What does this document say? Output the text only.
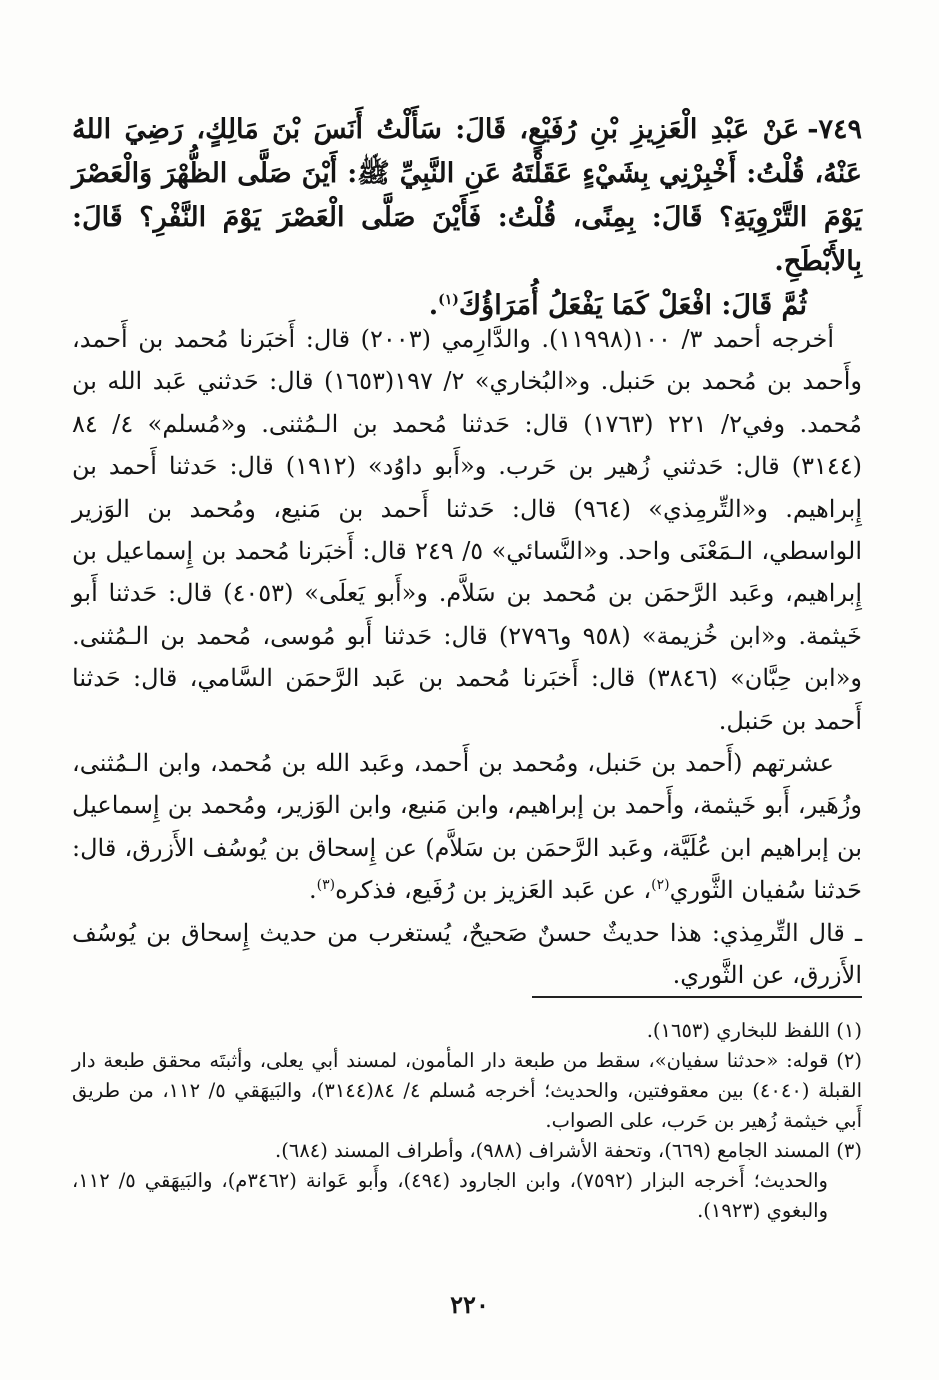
٧٤٩-عَنْ عَبْدِ الْعَزِيزِ بْنِ رُفَيْعٍ، قَالَ: سَأَلْتُ أَنَسَ بْنَ مَالِكٍ، رَضِيَ اللهُ عَنْهُ، قُلْتُ: أَخْبِرْنِي بِشَيْءٍ عَقَلْتَهُ عَنِ النَّبِيِّ ﷺ: أَيْنَ صَلَّى الظُّهْرَ وَالْعَصْرَ يَوْمَ التَّرْوِيَةِ؟ قَالَ: بِمِنًى، قُلْتُ: فَأَيْنَ صَلَّى الْعَصْرَ يَوْمَ النَّفْرِ؟ قَالَ: بِالأَبْطَحِ.

ثُمَّ قَالَ: افْعَلْ كَمَا يَفْعَلُ أُمَرَاؤُكَ$^{(١)}$.

أخرجه أحمد ٣/ ١٠٠(١١٩٩٨). والدَّارِمي (٢٠٠٣) قال: أَخبَرنا مُحمد بن أَحمد، وأَحمد بن مُحمد بن حَنبل. و«البُخاري» ٢/ ١٩٧(١٦٥٣) قال: حَدثني عَبد الله بن مُحمد. وفي٢/ ٢٢١ (١٧٦٣) قال: حَدثنا مُحمد بن الـمُثنى. و«مُسلم» ٤/ ٨٤ (٣١٤٤) قال: حَدثني زُهير بن حَرب. و«أَبو داوُد» (١٩١٢) قال: حَدثنا أَحمد بن إِبراهيم. و«التِّرمِذي» (٩٦٤) قال: حَدثنا أَحمد بن مَنيع، ومُحمد بن الوَزير الواسطي، الـمَعْنَى واحد. و«النَّسائي» ٥/ ٢٤٩ قال: أَخبَرنا مُحمد بن إِسماعيل بن إِبراهيم، وعَبد الرَّحمَن بن مُحمد بن سَلاَّم. و«أَبو يَعلَى» (٤٠٥٣) قال: حَدثنا أَبو خَيثمة. و«ابن خُزيمة» (٩٥٨ و٢٧٩٦) قال: حَدثنا أَبو مُوسى، مُحمد بن الـمُثنى. و«ابن حِبَّان» (٣٨٤٦) قال: أَخبَرنا مُحمد بن عَبد الرَّحمَن السَّامي، قال: حَدثنا أَحمد بن حَنبل.

عشرتهم (أَحمد بن حَنبل، ومُحمد بن أَحمد، وعَبد الله بن مُحمد، وابن الـمُثنى، وزُهَير، أَبو خَيثمة، وأَحمد بن إبراهيم، وابن مَنيع، وابن الوَزير، ومُحمد بن إِسماعيل بن إبراهيم ابن عُلَيَّة، وعَبد الرَّحمَن بن سَلاَّم) عن إِسحاق بن يُوسُف الأَزرق، قال: حَدثنا سُفيان الثَّوري$^{(٢)}$، عن عَبد العَزيز بن رُفَيع، فذكره$^{(٣)}$.

ـ قال التِّرمِذي: هذا حديثٌ حسنٌ صَحيحٌ، يُستغرب من حديث إِسحاق بن يُوسُف الأَزرق، عن الثَّوري.

(١) اللفظ للبخاري (١٦٥٣).

(٢) قوله: «حدثنا سفيان»، سقط من طبعة دار المأمون، لمسند أبي يعلى، وأثبتَه محقق طبعة دار القبلة (٤٠٤٠) بين معقوفتين، والحديث؛ أخرجه مُسلم ٤/ ٨٤(٣١٤٤)، والبَيهَقي ٥/ ١١٢، من طريق أَبي خيثمة زُهير بن حَرب، على الصواب.

(٣) المسند الجامع (٦٦٩)، وتحفة الأشراف (٩٨٨)، وأطراف المسند (٦٨٤).

والحديث؛ أَخرجه البزار (٧٥٩٢)، وابن الجارود (٤٩٤)، وأَبو عَوانة (٣٤٦٢م)، والبَيهَقي ٥/ ١١٢، والبغوي (١٩٢٣).

٢٢٠
